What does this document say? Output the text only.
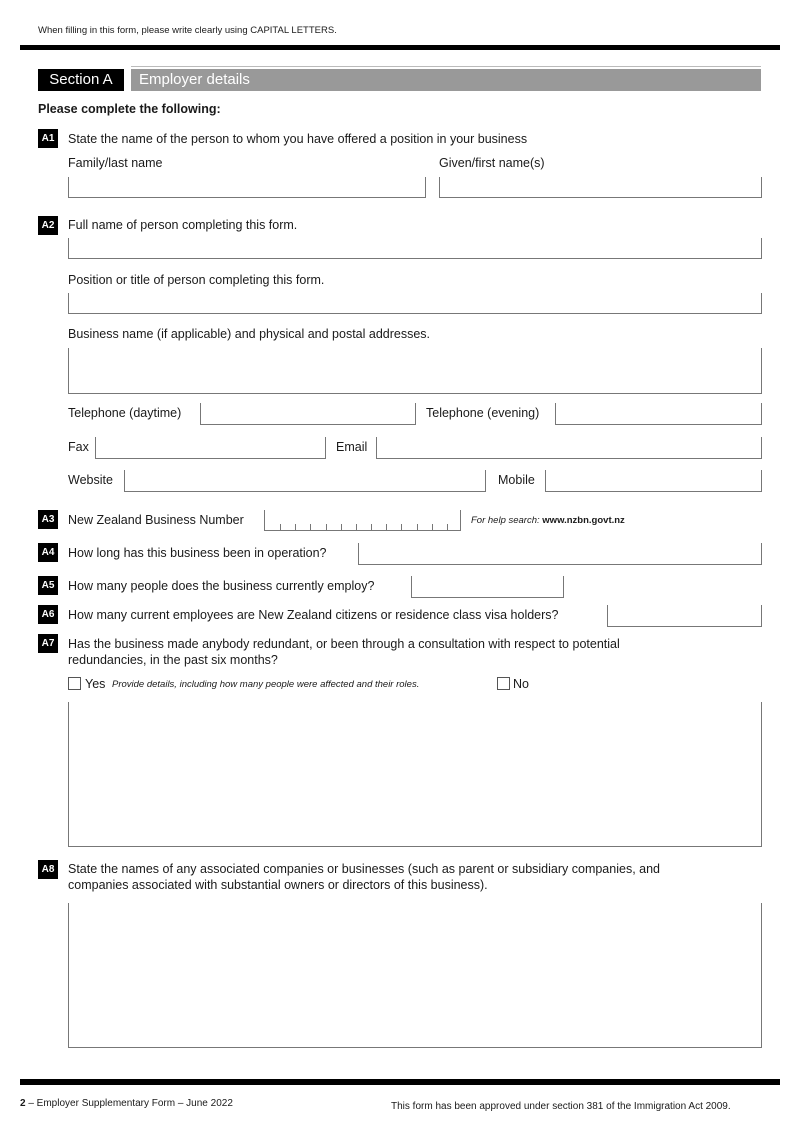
When filling in this form, please write clearly using CAPITAL LETTERS.
Section A	Employer details
Please complete the following:
A1 State the name of the person to whom you have offered a position in your business
Family/last name	Given/first name(s)
A2 Full name of person completing this form.
Position or title of person completing this form.
Business name (if applicable) and physical and postal addresses.
Telephone (daytime)	Telephone (evening)
Fax	Email
Website	Mobile
A3 New Zealand Business Number	For help search: www.nzbn.govt.nz
A4 How long has this business been in operation?
A5 How many people does the business currently employ?
A6 How many current employees are New Zealand citizens or residence class visa holders?
A7 Has the business made anybody redundant, or been through a consultation with respect to potential
redundancies, in the past six months?
Yes Provide details, including how many people were affected and their roles.	No
A8 State the names of any associated companies or businesses (such as parent or subsidiary companies, and
companies associated with substantial owners or directors of this business).
2 – Employer Supplementary Form – June 2022	This form has been approved under section 381 of the Immigration Act 2009.
